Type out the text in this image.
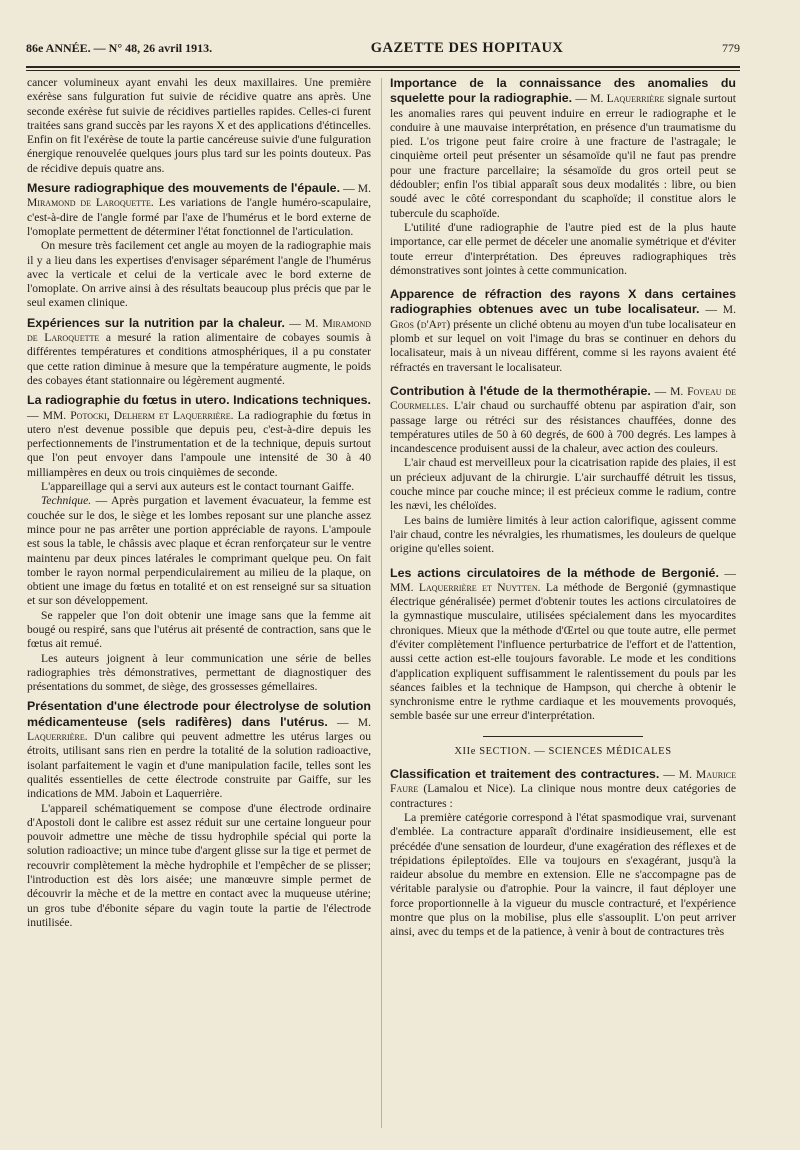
86e ANNÉE. — N° 48, 26 avril 1913.	GAZETTE DES HOPITAUX	779

cancer volumineux ayant envahi les deux maxillaires. Une première exérèse sans fulguration fut suivie de récidive quatre ans après. Une seconde exérèse fut suivie de récidives partielles rapides. Celles-ci furent traitées sans grand succès par les rayons X et des applications d'étincelles. Enfin on fit l'exérèse de toute la partie cancéreuse suivie d'une fulguration énergique renouvelée quelques jours plus tard sur les points douteux. Pas de récidive depuis quatre ans.

Mesure radiographique des mouvements de l'épaule. — M. Miramond de Laroquette. Les variations de l'angle huméro-scapulaire, c'est-à-dire de l'angle formé par l'axe de l'humérus et le bord externe de l'omoplate permettent de déterminer l'état fonctionnel de l'articulation.

On mesure très facilement cet angle au moyen de la radiographie mais il y a lieu dans les expertises d'envisager séparément l'angle de l'humérus avec la verticale et celui de la verticale avec le bord externe de l'omoplate. On arrive ainsi à des résultats beaucoup plus précis que par le seul examen clinique.

Expériences sur la nutrition par la chaleur. — M. Miramond de Laroquette a mesuré la ration alimentaire de cobayes soumis à différentes températures et conditions atmosphériques, il a pu constater que cette ration diminue à mesure que la température augmente, le poids des cobayes étant stationnaire ou légèrement augmenté.
La radiographie du fœtus in utero. Indications techniques. — MM. Potocki, Delherm et Laquerrière. La radiographie du fœtus in utero n'est devenue possible que depuis peu, c'est-à-dire depuis les perfectionnements de l'instrumentation et de la technique, depuis surtout que l'on peut envoyer dans l'ampoule une intensité de 30 à 40 milliampères en deux ou trois cinquièmes de seconde.

L'appareillage qui a servi aux auteurs est le contact tournant Gaiffe.

Technique. — Après purgation et lavement évacuateur, la femme est couchée sur le dos, le siège et les lombes reposant sur une planche assez mince pour ne pas arrêter une portion appréciable de rayons. L'ampoule est sous la table, le châssis avec plaque et écran renforçateur sur le ventre maintenu par deux pinces latérales le comprimant quelque peu. On fait tomber le rayon normal perpendiculairement au milieu de la plaque, on obtient une image du fœtus en totalité et on est renseigné sur sa situation et sur son développement.

Se rappeler que l'on doit obtenir une image sans que la femme ait bougé ou respiré, sans que l'utérus ait présenté de contraction, sans que le fœtus ait remué.

Les auteurs joignent à leur communication une série de belles radiographies très démonstratives, permettant de diagnostiquer des présentations du sommet, de siège, des grossesses gémellaires.

Présentation d'une électrode pour électrolyse de solution médicamenteuse (sels radifères) dans l'utérus. — M. Laquerrière. D'un calibre qui peuvent admettre les utérus larges ou étroits, utilisant sans rien en perdre la totalité de la solution radioactive, isolant parfaitement le vagin et d'une manipulation facile, telles sont les qualités essentielles de cette électrode construite par Gaiffe, sur les indications de MM. Jaboin et Laquerrière.

L'appareil schématiquement se compose d'une électrode ordinaire d'Apostoli dont le calibre est assez réduit sur une certaine longueur pour pouvoir admettre une mèche de tissu hydrophile spécial qui porte la solution radioactive; un mince tube d'argent glisse sur la tige et permet de recouvrir complètement la mèche hydrophile et l'empêcher de se plisser; l'introduction est dès lors aisée; une manœuvre simple permet de découvrir la mèche et de la mettre en contact avec la muqueuse utérine; un gros tube d'ébonite sépare du vagin toute la partie de l'électrode inutilisée.

Importance de la connaissance des anomalies du squelette pour la radiographie. — M. Laquerrière signale surtout les anomalies rares qui peuvent induire en erreur le radiographe et le conduire à une mauvaise interprétation, en présence d'un traumatisme du pied. L'os trigone peut faire croire à une fracture de l'astragale; le cinquième orteil peut présenter un sésamoïde qu'il ne faut pas prendre pour une fracture parcellaire; la sésamoïde du gros orteil peut se dédoubler; enfin l'os tibial apparaît sous deux modalités : libre, ou bien soudé avec le côté correspondant du scaphoïde; il constitue alors le tubercule du scaphoïde.

L'utilité d'une radiographie de l'autre pied est de la plus haute importance, car elle permet de déceler une anomalie symétrique et d'éviter toute erreur d'interprétation. Des épreuves radiographiques très démonstratives sont jointes à cette communication.

Apparence de réfraction des rayons X dans certaines radiographies obtenues avec un tube localisateur. — M. Gros (d'Apt) présente un cliché obtenu au moyen d'un tube localisateur en plomb et sur lequel on voit l'image du bras se continuer en dehors du localisateur, mais à un niveau différent, comme si les rayons avaient été réfractés en traversant le localisateur.
Contribution à l'étude de la thermothérapie. — M. Foveau de Courmelles. L'air chaud ou surchauffé obtenu par aspiration d'air, son passage large ou rétréci sur des résistances chauffées, donne des températures utiles de 50 à 60 degrés, de 600 à 700 degrés. Les lampes à incandescence produisent aussi de la chaleur, avec action des couleurs.

L'air chaud est merveilleux pour la cicatrisation rapide des plaies, il est un précieux adjuvant de la chirurgie. L'air surchauffé détruit les tissus, couche mince par couche mince; il est précieux comme le radium, contre les nævi, les chéloïdes.

Les bains de lumière limités à leur action calorifique, agissent comme l'air chaud, contre les névralgies, les rhumatismes, les douleurs de quelque origine qu'elles soient.

Les actions circulatoires de la méthode de Bergonié. — MM. Laquerrière et Nuytten. La méthode de Bergonié (gymnastique électrique généralisée) permet d'obtenir toutes les actions circulatoires de la gymnastique musculaire, utilisées spécialement dans les myocardites chroniques. Mieux que la méthode d'Œrtel ou que toute autre, elle permet d'éviter complètement l'influence perturbatrice de l'effort et de l'attention, aussi cette action est-elle toujours favorable. Le mode et les conditions d'application expliquent suffisamment le ralentissement du pouls par les séances faibles et la technique de Hampson, qui cherche à obtenir le synchronisme entre le rythme cardiaque et les mouvements provoqués, semble basée sur une erreur d'interprétation.

XIIe SECTION. — SCIENCES MÉDICALES

Classification et traitement des contractures. — M. Maurice Faure (Lamalou et Nice). La clinique nous montre deux catégories de contractures :

La première catégorie correspond à l'état spasmodique vrai, survenant d'emblée. La contracture apparaît d'ordinaire insidieusement, elle est précédée d'une sensation de lourdeur, d'une exagération des réflexes et de trépidations épileptoïdes. Elle va toujours en s'exagérant, jusqu'à la raideur absolue du membre en extension. Elle ne s'accompagne pas de véritable paralysie ou d'atrophie. Pour la vaincre, il faut déployer une force proportionnelle à la vigueur du muscle contracturé, et l'expérience montre que plus on la mobilise, plus elle s'assouplit. L'on peut arriver ainsi, avec du temps et de la patience, à venir à bout de contractures très
